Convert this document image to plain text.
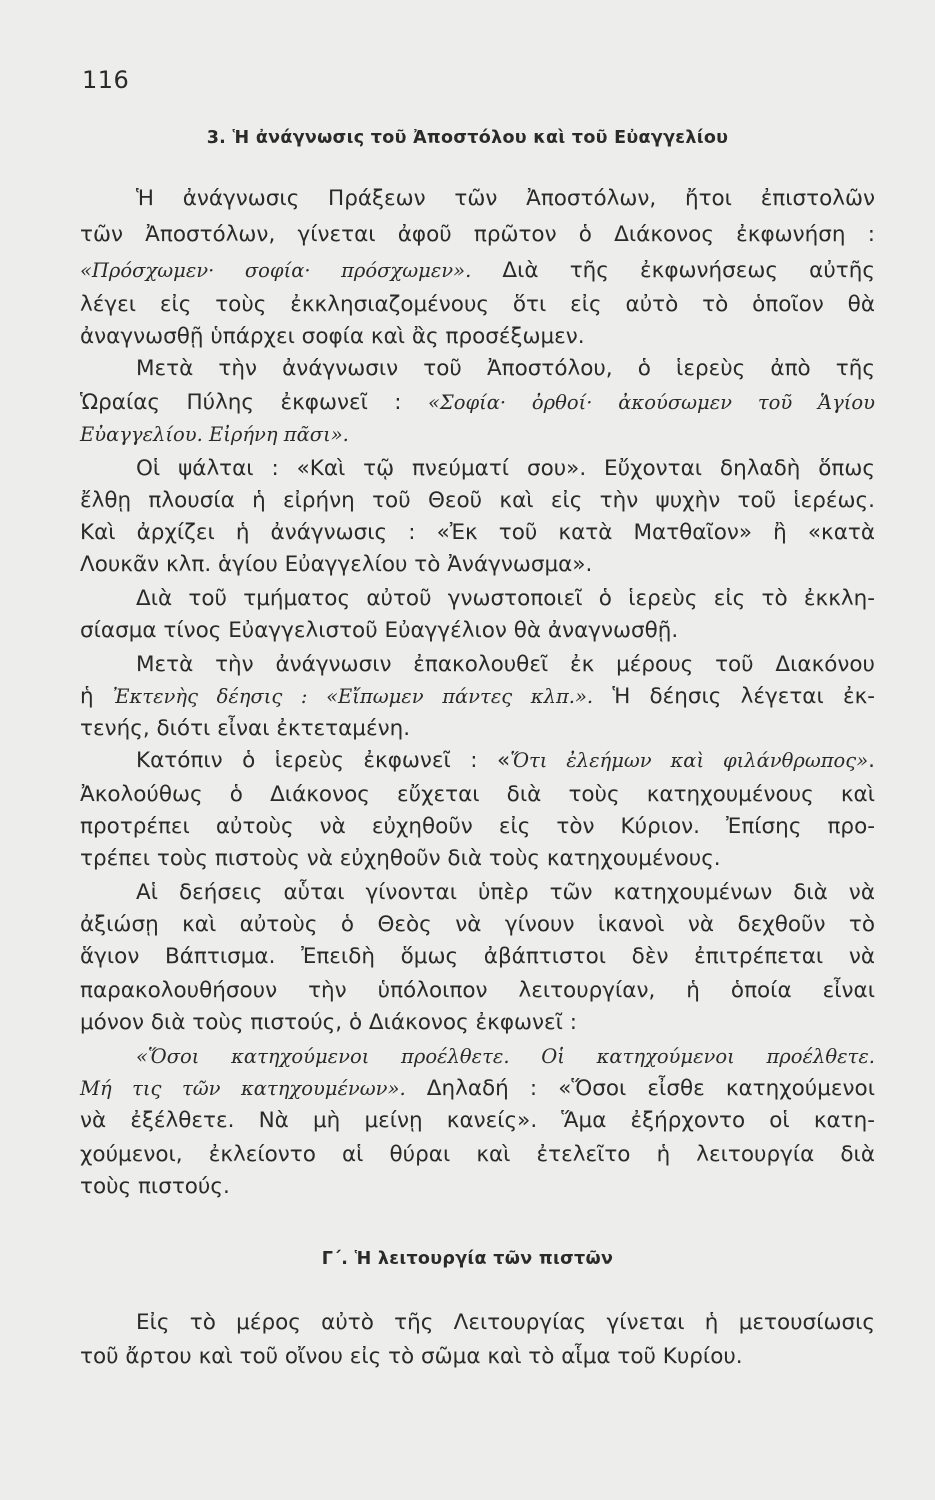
116
3. Ἡ ἀνάγνωσις τοῦ Ἀποστόλου καὶ τοῦ Εὐαγγελίου
Ἡ ἀνάγνωσις Πράξεων τῶν Ἀποστόλων, ἤτοι ἐπιστολῶν
τῶν Ἀποστόλων, γίνεται ἀφοῦ πρῶτον ὁ Διάκονος ἐκφωνήση :
«Πρόσχωμεν· σοφία· πρόσχωμεν». Διὰ τῆς ἐκφωνήσεως αὐτῆς
λέγει εἰς τοὺς ἐκκλησιαζομένους ὅτι εἰς αὐτὸ τὸ ὁποῖον θὰ
ἀναγνωσθῇ ὑπάρχει σοφία καὶ ἂς προσέξωμεν.
Μετὰ τὴν ἀνάγνωσιν τοῦ Ἀποστόλου, ὁ ἱερεὺς ἀπὸ τῆς
Ὡραίας Πύλης ἐκφωνεῖ : «Σοφία· ὀρθοί· ἀκούσωμεν τοῦ Ἁγίου
Εὐαγγελίου. Εἰρήνη πᾶσι».
Οἱ ψάλται : «Καὶ τῷ πνεύματί σου». Εὔχονται δηλαδὴ ὅπως
ἔλθῃ πλουσία ἡ εἰρήνη τοῦ Θεοῦ καὶ εἰς τὴν ψυχὴν τοῦ ἱερέως.
Καὶ ἀρχίζει ἡ ἀνάγνωσις : «Ἐκ τοῦ κατὰ Ματθαῖον» ἢ «κατὰ
Λουκᾶν κλπ. ἁγίου Εὐαγγελίου τὸ Ἀνάγνωσμα».
Διὰ τοῦ τμήματος αὐτοῦ γνωστοποιεῖ ὁ ἱερεὺς εἰς τὸ ἐκκλη-
σίασμα τίνος Εὐαγγελιστοῦ Εὐαγγέλιον θὰ ἀναγνωσθῇ.
Μετὰ τὴν ἀνάγνωσιν ἐπακολουθεῖ ἐκ μέρους τοῦ Διακόνου
ἡ Ἐκτενὴς δέησις : «Εἴπωμεν πάντες κλπ.». Ἡ δέησις λέγεται ἐκ-
τενής, διότι εἶναι ἐκτεταμένη.
Κατόπιν ὁ ἱερεὺς ἐκφωνεῖ : «Ὅτι ἐλεήμων καὶ φιλάνθρωπος».
Ἀκολούθως ὁ Διάκονος εὔχεται διὰ τοὺς κατηχουμένους καὶ
προτρέπει αὐτοὺς νὰ εὐχηθοῦν εἰς τὸν Κύριον. Ἐπίσης προ-
τρέπει τοὺς πιστοὺς νὰ εὐχηθοῦν διὰ τοὺς κατηχουμένους.
Αἱ δεήσεις αὗται γίνονται ὑπὲρ τῶν κατηχουμένων διὰ νὰ
ἀξιώσῃ καὶ αὐτοὺς ὁ Θεὸς νὰ γίνουν ἱκανοὶ νὰ δεχθοῦν τὸ
ἅγιον Βάπτισμα. Ἐπειδὴ ὅμως ἀβάπτιστοι δὲν ἐπιτρέπεται νὰ
παρακολουθήσουν τὴν ὑπόλοιπον λειτουργίαν, ἡ ὁποία εἶναι
μόνον διὰ τοὺς πιστούς, ὁ Διάκονος ἐκφωνεῖ :
«Ὅσοι κατηχούμενοι προέλθετε. Οἱ κατηχούμενοι προέλθετε.
Μή τις τῶν κατηχουμένων». Δηλαδή : «Ὅσοι εἶσθε κατηχούμενοι
νὰ ἐξέλθετε. Νὰ μὴ μείνῃ κανείς». Ἅμα ἐξήρχοντο οἱ κατη-
χούμενοι, ἐκλείοντο αἱ θύραι καὶ ἐτελεῖτο ἡ λειτουργία διὰ
τοὺς πιστούς.
Γ΄. Ἡ λειτουργία τῶν πιστῶν
Εἰς τὸ μέρος αὐτὸ τῆς Λειτουργίας γίνεται ἡ μετουσίωσις
τοῦ ἄρτου καὶ τοῦ οἴνου εἰς τὸ σῶμα καὶ τὸ αἷμα τοῦ Κυρίου.
